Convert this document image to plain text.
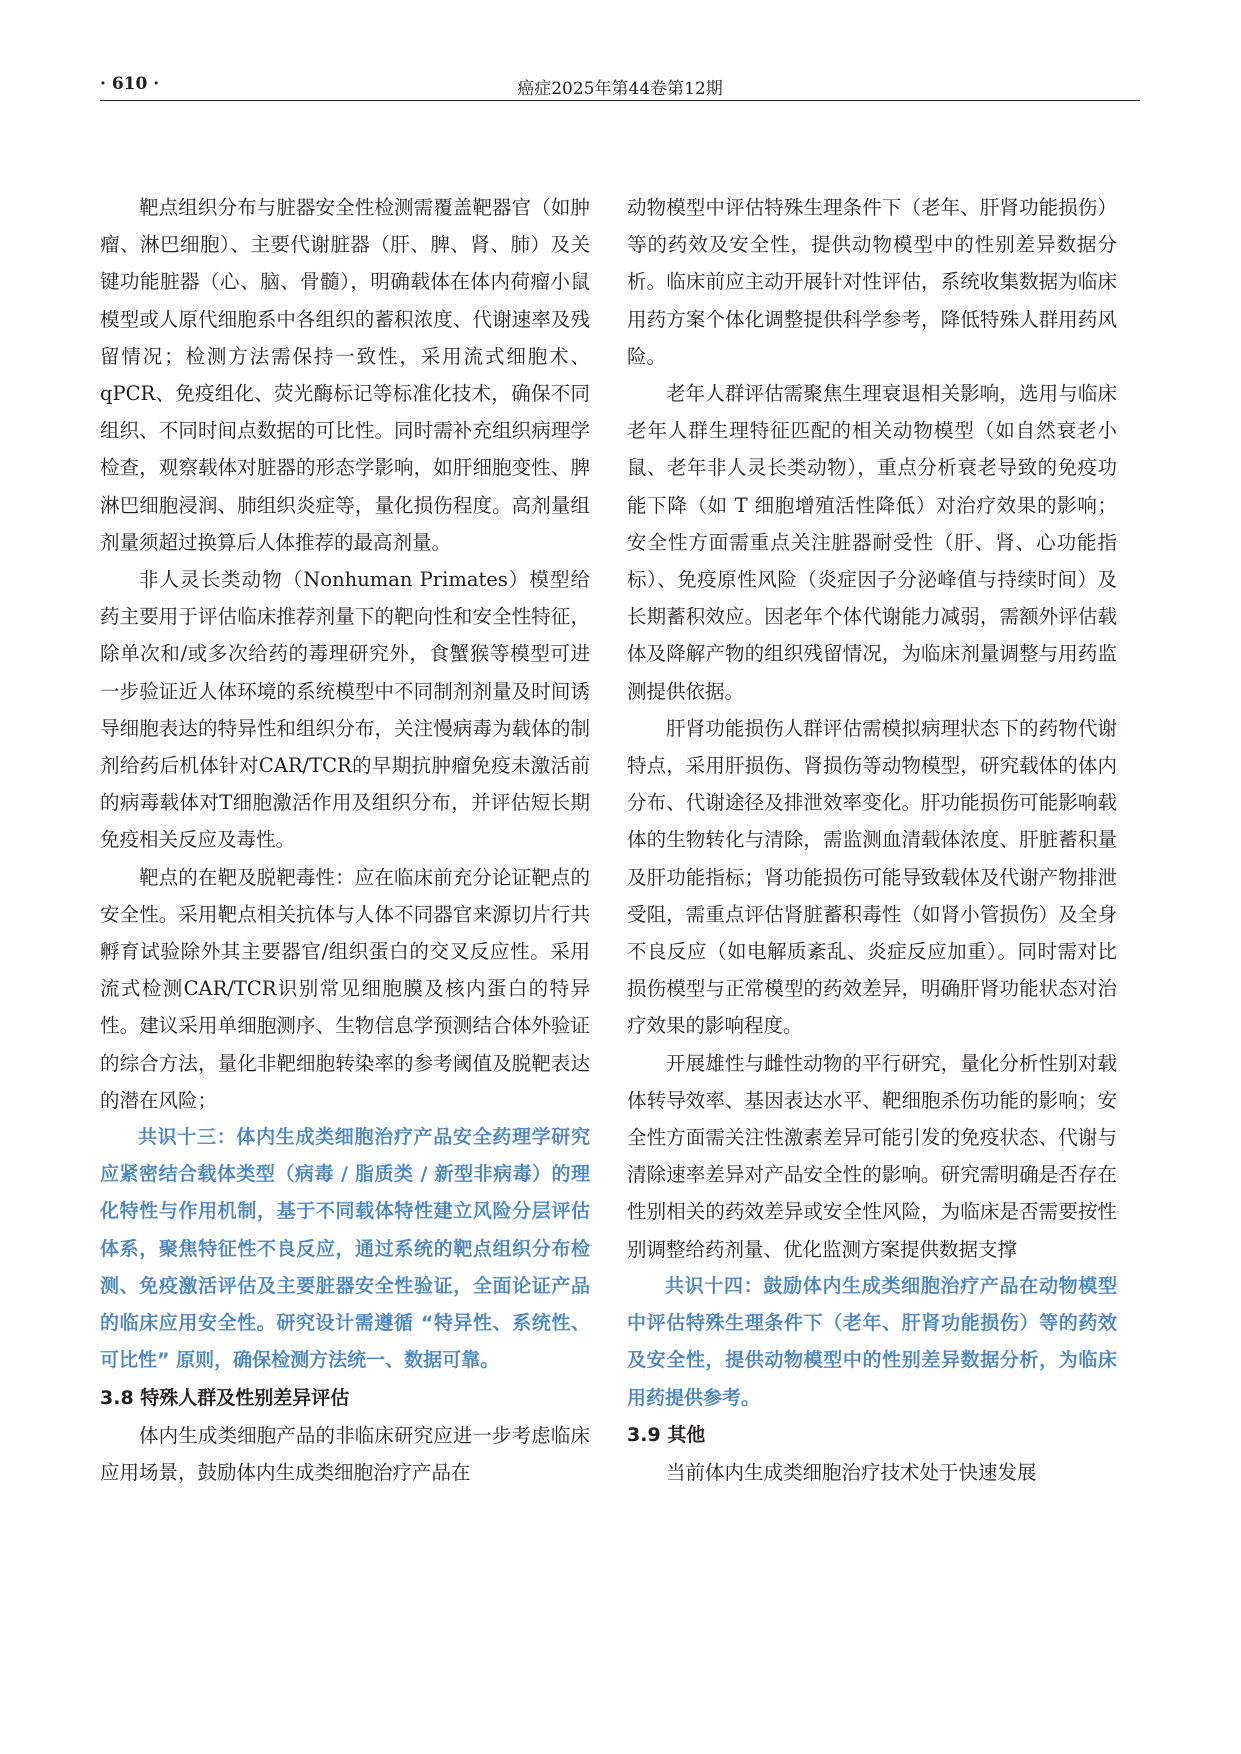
· 610 ·	癌症2025年第44卷第12期

靶点组织分布与脏器安全性检测需覆盖靶器官（如肿瘤、淋巴细胞）、主要代谢脏器（肝、脾、肾、肺）及关键功能脏器（心、脑、骨髓），明确载体在体内荷瘤小鼠模型或人原代细胞系中各组织的蓄积浓度、代谢速率及残留情况；检测方法需保持一致性，采用流式细胞术、qPCR、免疫组化、荧光酶标记等标准化技术，确保不同组织、不同时间点数据的可比性。同时需补充组织病理学检查，观察载体对脏器的形态学影响，如肝细胞变性、脾淋巴细胞浸润、肺组织炎症等，量化损伤程度。高剂量组剂量须超过换算后人体推荐的最高剂量。

非人灵长类动物（Nonhuman Primates）模型给药主要用于评估临床推荐剂量下的靶向性和安全性特征，除单次和/或多次给药的毒理研究外，食蟹猴等模型可进一步验证近人体环境的系统模型中不同制剂剂量及时间诱导细胞表达的特异性和组织分布，关注慢病毒为载体的制剂给药后机体针对CAR/TCR的早期抗肿瘤免疫未激活前的病毒载体对T细胞激活作用及组织分布，并评估短长期免疫相关反应及毒性。

靶点的在靶及脱靶毒性：应在临床前充分论证靶点的安全性。采用靶点相关抗体与人体不同器官来源切片行共孵育试验除外其主要器官/组织蛋白的交叉反应性。采用流式检测CAR/TCR识别常见细胞膜及核内蛋白的特异性。建议采用单细胞测序、生物信息学预测结合体外验证的综合方法，量化非靶细胞转染率的参考阈值及脱靶表达的潜在风险；

共识十三：体内生成类细胞治疗产品安全药理学研究应紧密结合载体类型（病毒 / 脂质类 / 新型非病毒）的理化特性与作用机制，基于不同载体特性建立风险分层评估体系，聚焦特征性不良反应，通过系统的靶点组织分布检测、免疫激活评估及主要脏器安全性验证，全面论证产品的临床应用安全性。研究设计需遵循 “特异性、系统性、可比性” 原则，确保检测方法统一、数据可靠。

3.8 特殊人群及性别差异评估

体内生成类细胞产品的非临床研究应进一步考虑临床应用场景，鼓励体内生成类细胞治疗产品在

动物模型中评估特殊生理条件下（老年、肝肾功能损伤）等的药效及安全性，提供动物模型中的性别差异数据分析。临床前应主动开展针对性评估，系统收集数据为临床用药方案个体化调整提供科学参考，降低特殊人群用药风险。

老年人群评估需聚焦生理衰退相关影响，选用与临床老年人群生理特征匹配的相关动物模型（如自然衰老小鼠、老年非人灵长类动物），重点分析衰老导致的免疫功能下降（如 T 细胞增殖活性降低）对治疗效果的影响；安全性方面需重点关注脏器耐受性（肝、肾、心功能指标）、免疫原性风险（炎症因子分泌峰值与持续时间）及长期蓄积效应。因老年个体代谢能力减弱，需额外评估载体及降解产物的组织残留情况，为临床剂量调整与用药监测提供依据。

肝肾功能损伤人群评估需模拟病理状态下的药物代谢特点，采用肝损伤、肾损伤等动物模型，研究载体的体内分布、代谢途径及排泄效率变化。肝功能损伤可能影响载体的生物转化与清除，需监测血清载体浓度、肝脏蓄积量及肝功能指标；肾功能损伤可能导致载体及代谢产物排泄受阻，需重点评估肾脏蓄积毒性（如肾小管损伤）及全身不良反应（如电解质紊乱、炎症反应加重）。同时需对比损伤模型与正常模型的药效差异，明确肝肾功能状态对治疗效果的影响程度。

开展雄性与雌性动物的平行研究，量化分析性别对载体转导效率、基因表达水平、靶细胞杀伤功能的影响；安全性方面需关注性激素差异可能引发的免疫状态、代谢与清除速率差异对产品安全性的影响。研究需明确是否存在性别相关的药效差异或安全性风险，为临床是否需要按性别调整给药剂量、优化监测方案提供数据支撑

共识十四：鼓励体内生成类细胞治疗产品在动物模型中评估特殊生理条件下（老年、肝肾功能损伤）等的药效及安全性，提供动物模型中的性别差异数据分析，为临床用药提供参考。

3.9 其他

当前体内生成类细胞治疗技术处于快速发展
